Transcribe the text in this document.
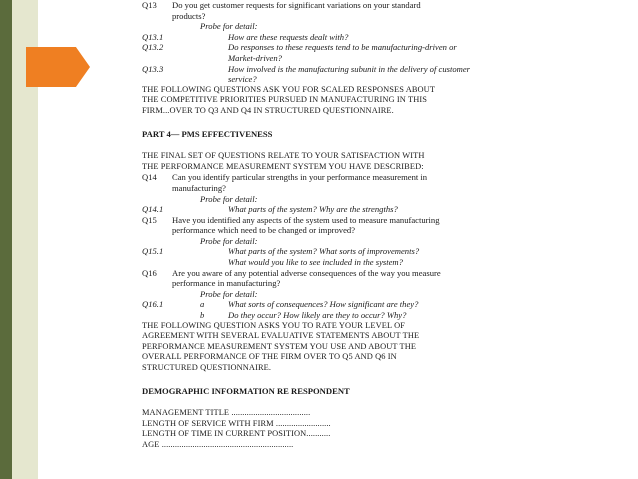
Q13	Do you get customer requests for significant variations on your standard
products?
Probe for detail:
Q13.1	How are these requests dealt with?
Q13.2	Do responses to these requests tend to be manufacturing-driven or
Market-driven?
Q13.3	How involved is the manufacturing subunit in the delivery of customer
service?
THE FOLLOWING QUESTIONS ASK YOU FOR SCALED RESPONSES ABOUT
THE COMPETITIVE PRIORITIES PURSUED IN MANUFACTURING IN THIS
FIRM...OVER TO Q3 AND Q4 IN STRUCTURED QUESTIONNAIRE.
PART 4— PMS EFFECTIVENESS
THE FINAL SET OF QUESTIONS RELATE TO YOUR SATISFACTION WITH
THE PERFORMANCE MEASUREMENT SYSTEM YOU HAVE DESCRIBED:
Q14	Can you identify particular strengths in your performance measurement in
manufacturing?
Probe for detail:
Q14.1	What parts of the system? Why are the strengths?
Q15	Have you identified any aspects of the system used to measure manufacturing
performance which need to be changed or improved?
Probe for detail:
Q15.1	What parts of the system? What sorts of improvements?
What would you like to see included in the system?
Q16	Are you aware of any potential adverse consequences of the way you measure
performance in manufacturing?
Probe for detail:
Q16.1	a	What sorts of consequences? How significant are they?
b	Do they occur? How likely are they to occur? Why?
THE FOLLOWING QUESTION ASKS YOU TO RATE YOUR LEVEL OF
AGREEMENT WITH SEVERAL EVALUATIVE STATEMENTS ABOUT THE
PERFORMANCE MEASUREMENT SYSTEM YOU USE AND ABOUT THE
OVERALL PERFORMANCE OF THE FIRM OVER TO Q5 AND Q6 IN
STRUCTURED QUESTIONNAIRE.
DEMOGRAPHIC INFORMATION RE RESPONDENT
MANAGEMENT TITLE ....................................
LENGTH OF SERVICE WITH FIRM .........................
LENGTH OF TIME IN CURRENT POSITION...........
AGE ............................................................
